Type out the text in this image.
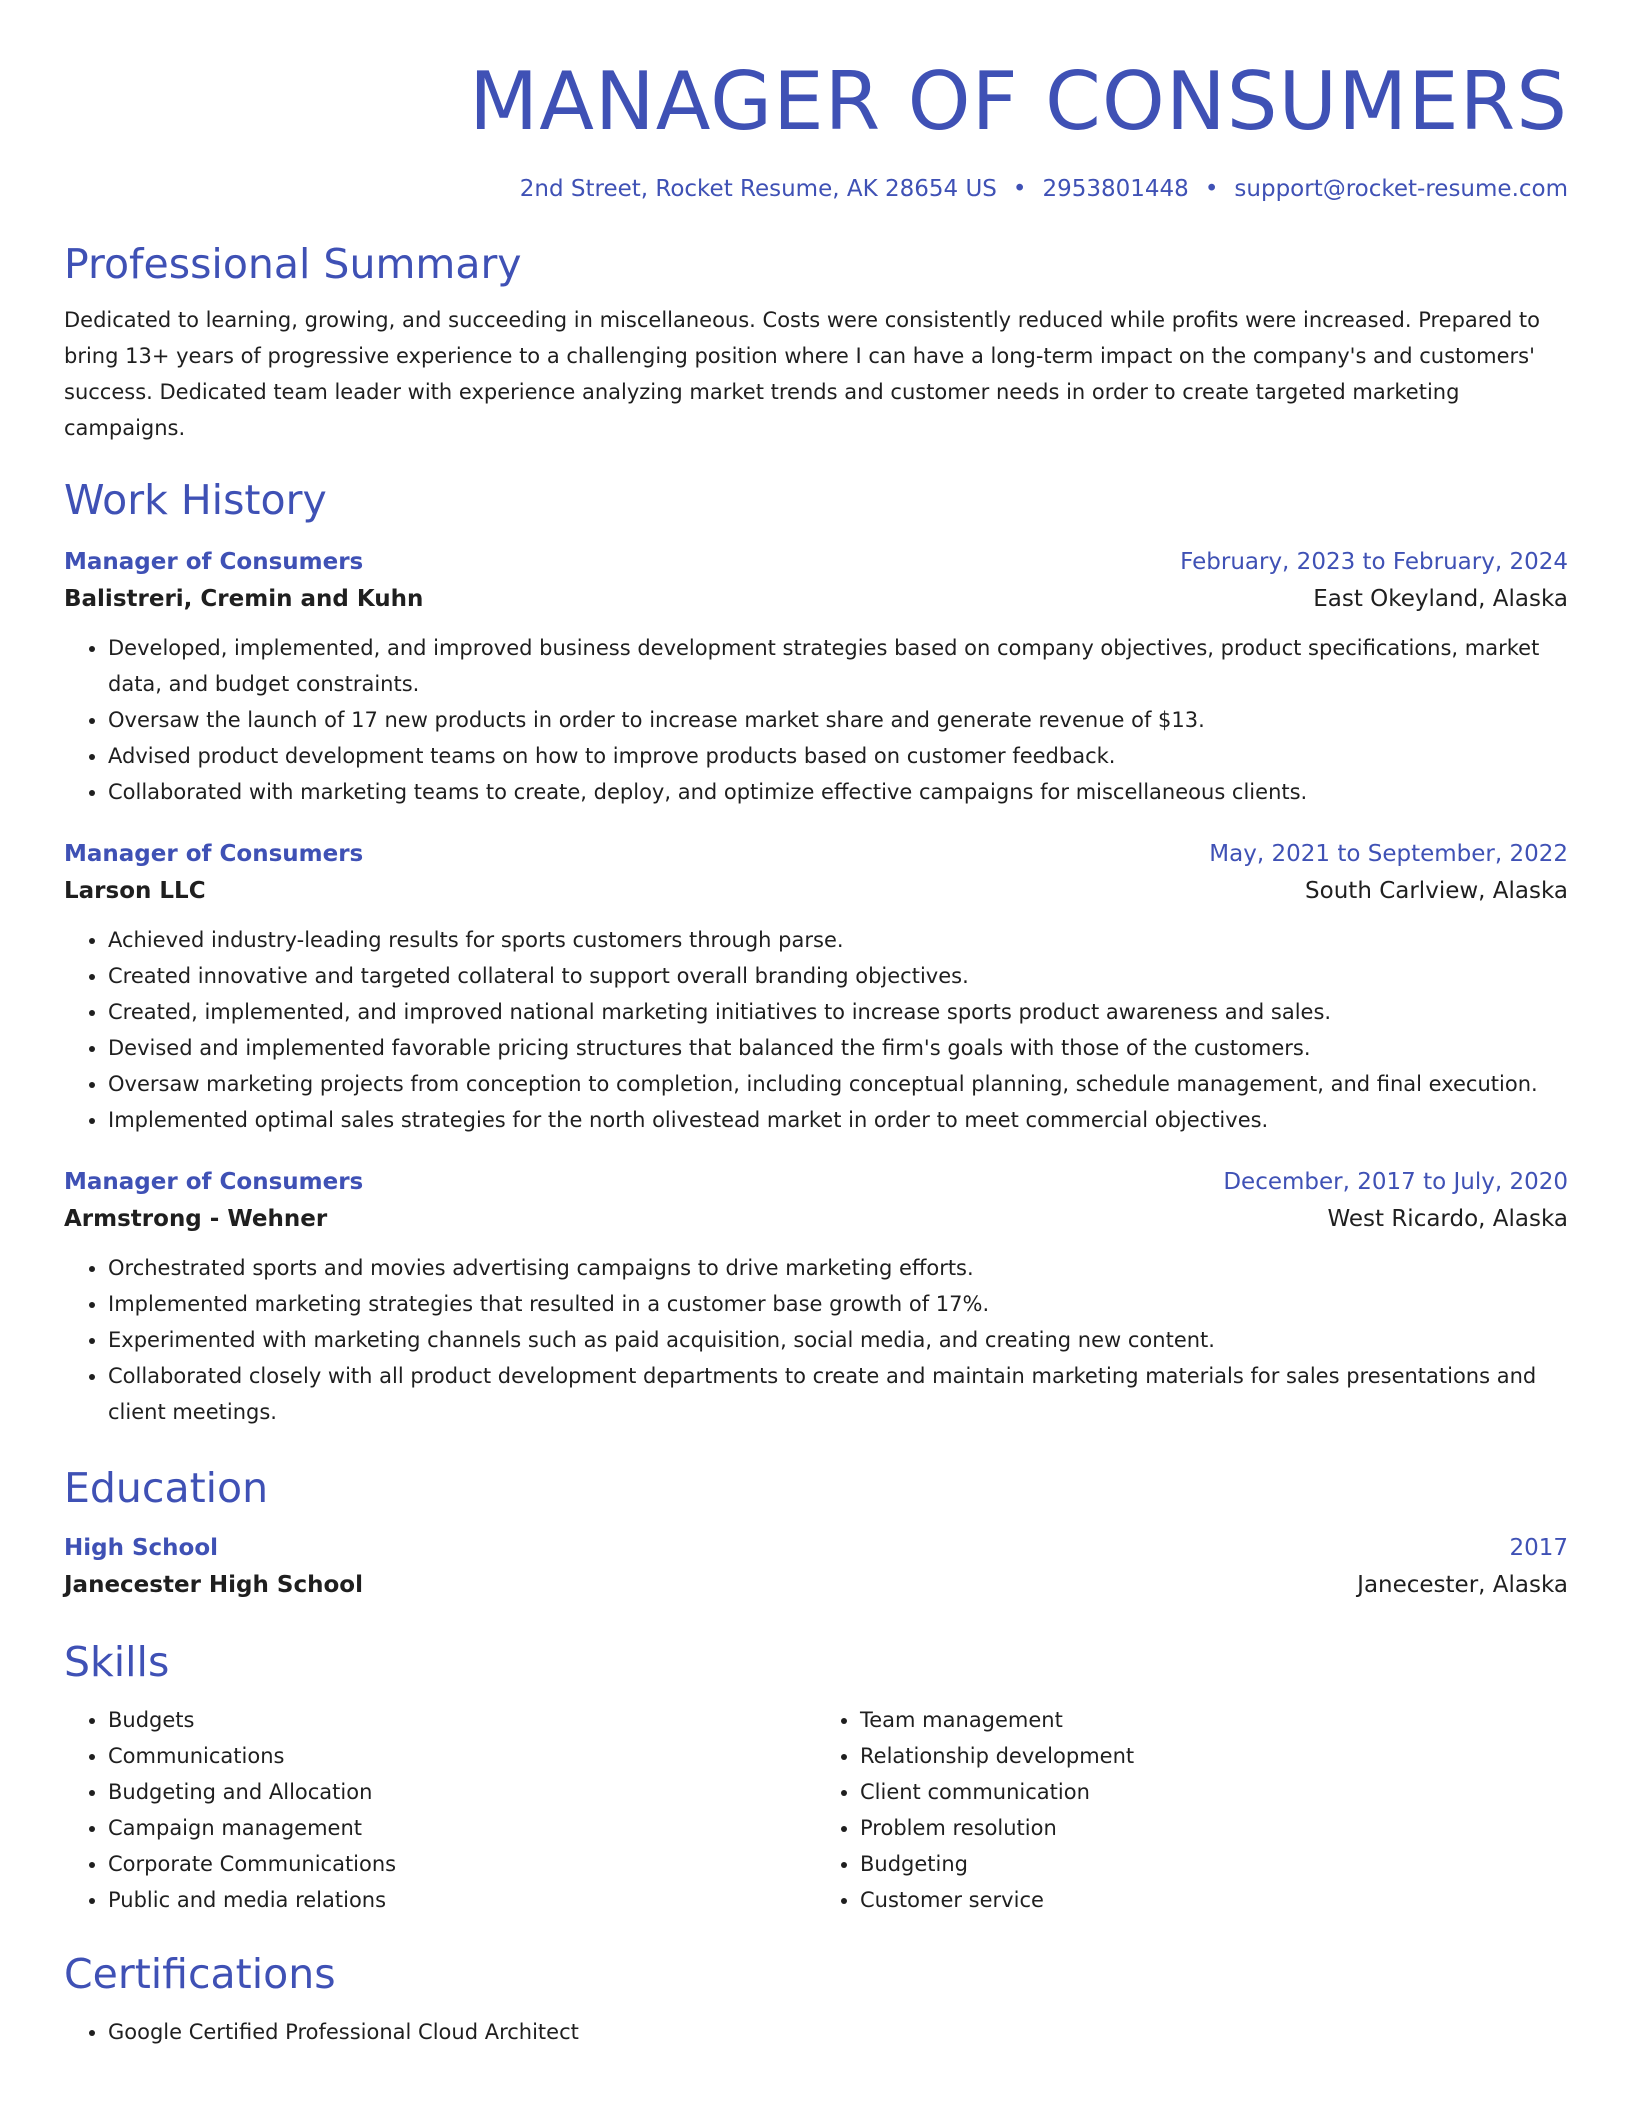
MANAGER OF CONSUMERS
2nd Street, Rocket Resume, AK 28654 US • 2953801448 • support@rocket-resume.com
Professional Summary
Dedicated to learning, growing, and succeeding in miscellaneous. Costs were consistently reduced while profits were increased. Prepared to bring 13+ years of progressive experience to a challenging position where I can have a long-term impact on the company's and customers' success. Dedicated team leader with experience analyzing market trends and customer needs in order to create targeted marketing campaigns.
Work History
Manager of Consumers	February, 2023 to February, 2024
Balistreri, Cremin and Kuhn	East Okeyland, Alaska
• Developed, implemented, and improved business development strategies based on company objectives, product specifications, market data, and budget constraints.
• Oversaw the launch of 17 new products in order to increase market share and generate revenue of $13.
• Advised product development teams on how to improve products based on customer feedback.
• Collaborated with marketing teams to create, deploy, and optimize effective campaigns for miscellaneous clients.
Manager of Consumers	May, 2021 to September, 2022
Larson LLC	South Carlview, Alaska
• Achieved industry-leading results for sports customers through parse.
• Created innovative and targeted collateral to support overall branding objectives.
• Created, implemented, and improved national marketing initiatives to increase sports product awareness and sales.
• Devised and implemented favorable pricing structures that balanced the firm's goals with those of the customers.
• Oversaw marketing projects from conception to completion, including conceptual planning, schedule management, and final execution.
• Implemented optimal sales strategies for the north olivestead market in order to meet commercial objectives.
Manager of Consumers	December, 2017 to July, 2020
Armstrong - Wehner	West Ricardo, Alaska
• Orchestrated sports and movies advertising campaigns to drive marketing efforts.
• Implemented marketing strategies that resulted in a customer base growth of 17%.
• Experimented with marketing channels such as paid acquisition, social media, and creating new content.
• Collaborated closely with all product development departments to create and maintain marketing materials for sales presentations and client meetings.
Education
High School	2017
Janecester High School	Janecester, Alaska
Skills
• Budgets
• Communications
• Budgeting and Allocation
• Campaign management
• Corporate Communications
• Public and media relations
• Team management
• Relationship development
• Client communication
• Problem resolution
• Budgeting
• Customer service
Certifications
• Google Certified Professional Cloud Architect
